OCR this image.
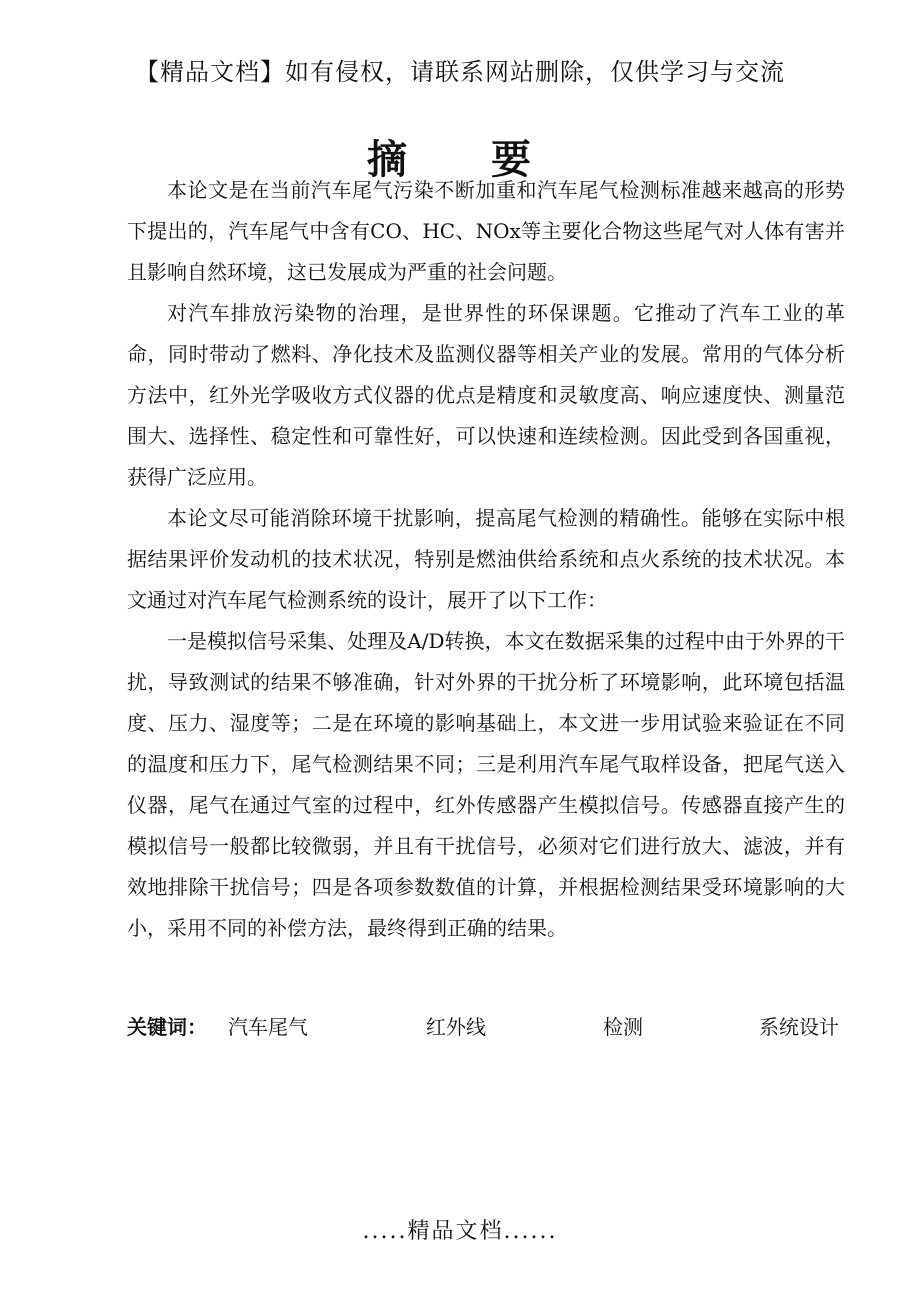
【精品文档】如有侵权，请联系网站删除，仅供学习与交流
摘　要

本论文是在当前汽车尾气污染不断加重和汽车尾气检测标准越来越高的形势下提出的，汽车尾气中含有CO、HC、NOx等主要化合物这些尾气对人体有害并且影响自然环境，这已发展成为严重的社会问题。

对汽车排放污染物的治理，是世界性的环保课题。它推动了汽车工业的革命，同时带动了燃料、净化技术及监测仪器等相关产业的发展。常用的气体分析方法中，红外光学吸收方式仪器的优点是精度和灵敏度高、响应速度快、测量范围大、选择性、稳定性和可靠性好，可以快速和连续检测。因此受到各国重视，获得广泛应用。

本论文尽可能消除环境干扰影响，提高尾气检测的精确性。能够在实际中根据结果评价发动机的技术状况，特别是燃油供给系统和点火系统的技术状况。本文通过对汽车尾气检测系统的设计，展开了以下工作：

一是模拟信号采集、处理及A/D转换，本文在数据采集的过程中由于外界的干扰，导致测试的结果不够准确，针对外界的干扰分析了环境影响，此环境包括温度、压力、湿度等；二是在环境的影响基础上，本文进一步用试验来验证在不同的温度和压力下，尾气检测结果不同；三是利用汽车尾气取样设备，把尾气送入仪器，尾气在通过气室的过程中，红外传感器产生模拟信号。传感器直接产生的模拟信号一般都比较微弱，并且有干扰信号，必须对它们进行放大、滤波，并有效地排除干扰信号；四是各项参数数值的计算，并根据检测结果受环境影响的大小，采用不同的补偿方法，最终得到正确的结果。

关键词： 汽车尾气	红外线	检测	系统设计
.....精品文档......
